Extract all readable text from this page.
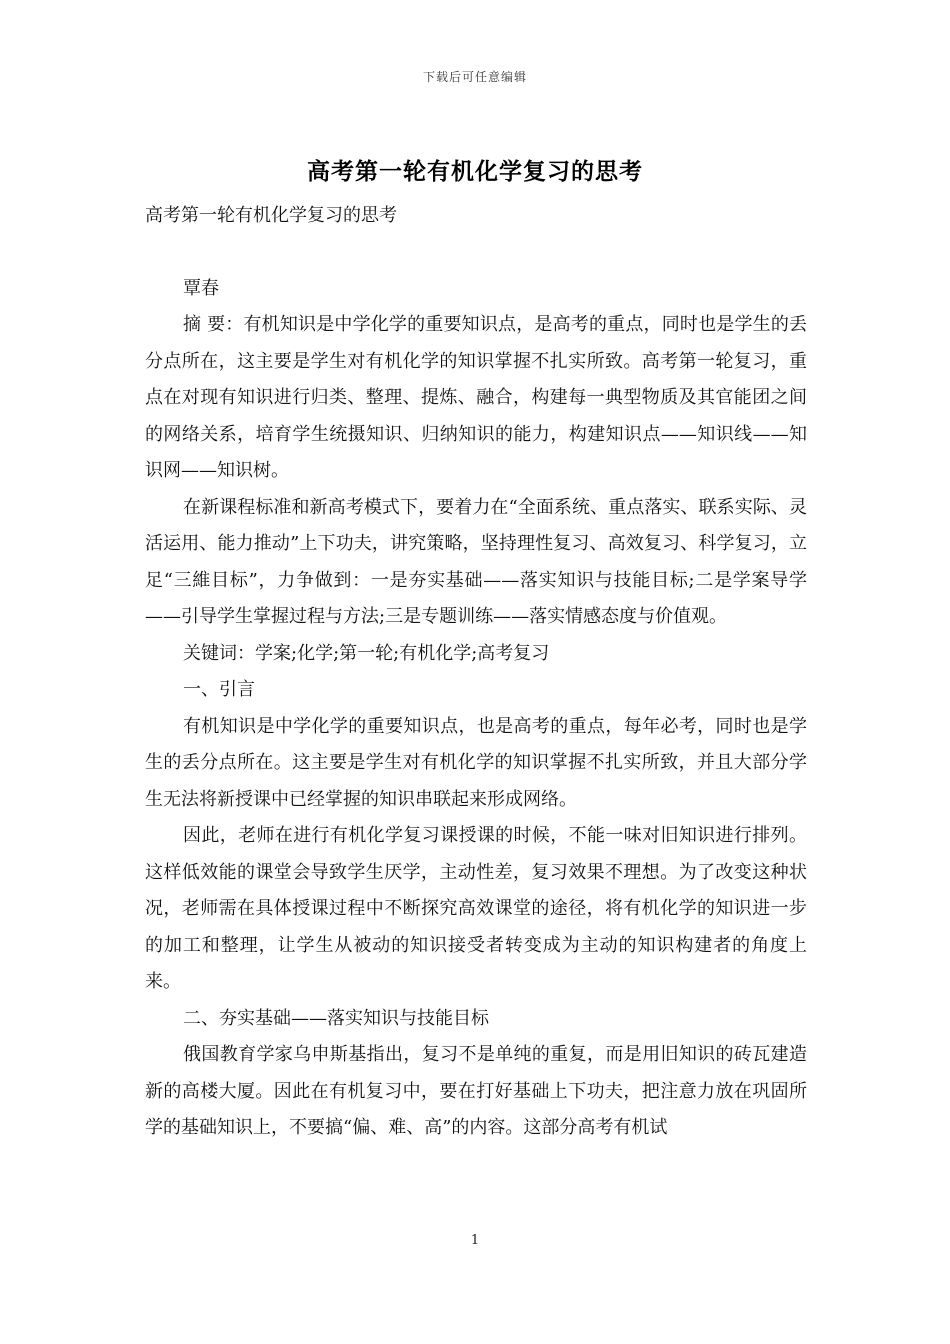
下载后可任意编辑
高考第一轮有机化学复习的思考

高考第一轮有机化学复习的思考

覃春

摘 要：有机知识是中学化学的重要知识点，是高考的重点，同时也是学生的丢分点所在，这主要是学生对有机化学的知识掌握不扎实所致。高考第一轮复习，重点在对现有知识进行归类、整理、提炼、融合，构建每一典型物质及其官能团之间的网络关系，培育学生统摄知识、归纳知识的能力，构建知识点——知识线——知识网——知识树。

在新课程标准和新高考模式下，要着力在“全面系统、重点落实、联系实际、灵活运用、能力推动”上下功夫，讲究策略，坚持理性复习、高效复习、科学复习，立足“三維目标”，力争做到：一是夯实基础——落实知识与技能目标;二是学案导学——引导学生掌握过程与方法;三是专题训练——落实情感态度与价值观。

关键词：学案;化学;第一轮;有机化学;高考复习

一、引言

有机知识是中学化学的重要知识点，也是高考的重点，每年必考，同时也是学生的丢分点所在。这主要是学生对有机化学的知识掌握不扎实所致，并且大部分学生无法将新授课中已经掌握的知识串联起来形成网络。

因此，老师在进行有机化学复习课授课的时候，不能一味对旧知识进行排列。这样低效能的课堂会导致学生厌学，主动性差，复习效果不理想。为了改变这种状况，老师需在具体授课过程中不断探究高效课堂的途径，将有机化学的知识进一步的加工和整理，让学生从被动的知识接受者转变成为主动的知识构建者的角度上来。

二、夯实基础——落实知识与技能目标

俄国教育学家乌申斯基指出，复习不是单纯的重复，而是用旧知识的砖瓦建造新的高楼大厦。因此在有机复习中，要在打好基础上下功夫，把注意力放在巩固所学的基础知识上，不要搞“偏、难、高”的内容。这部分高考有机试

1
